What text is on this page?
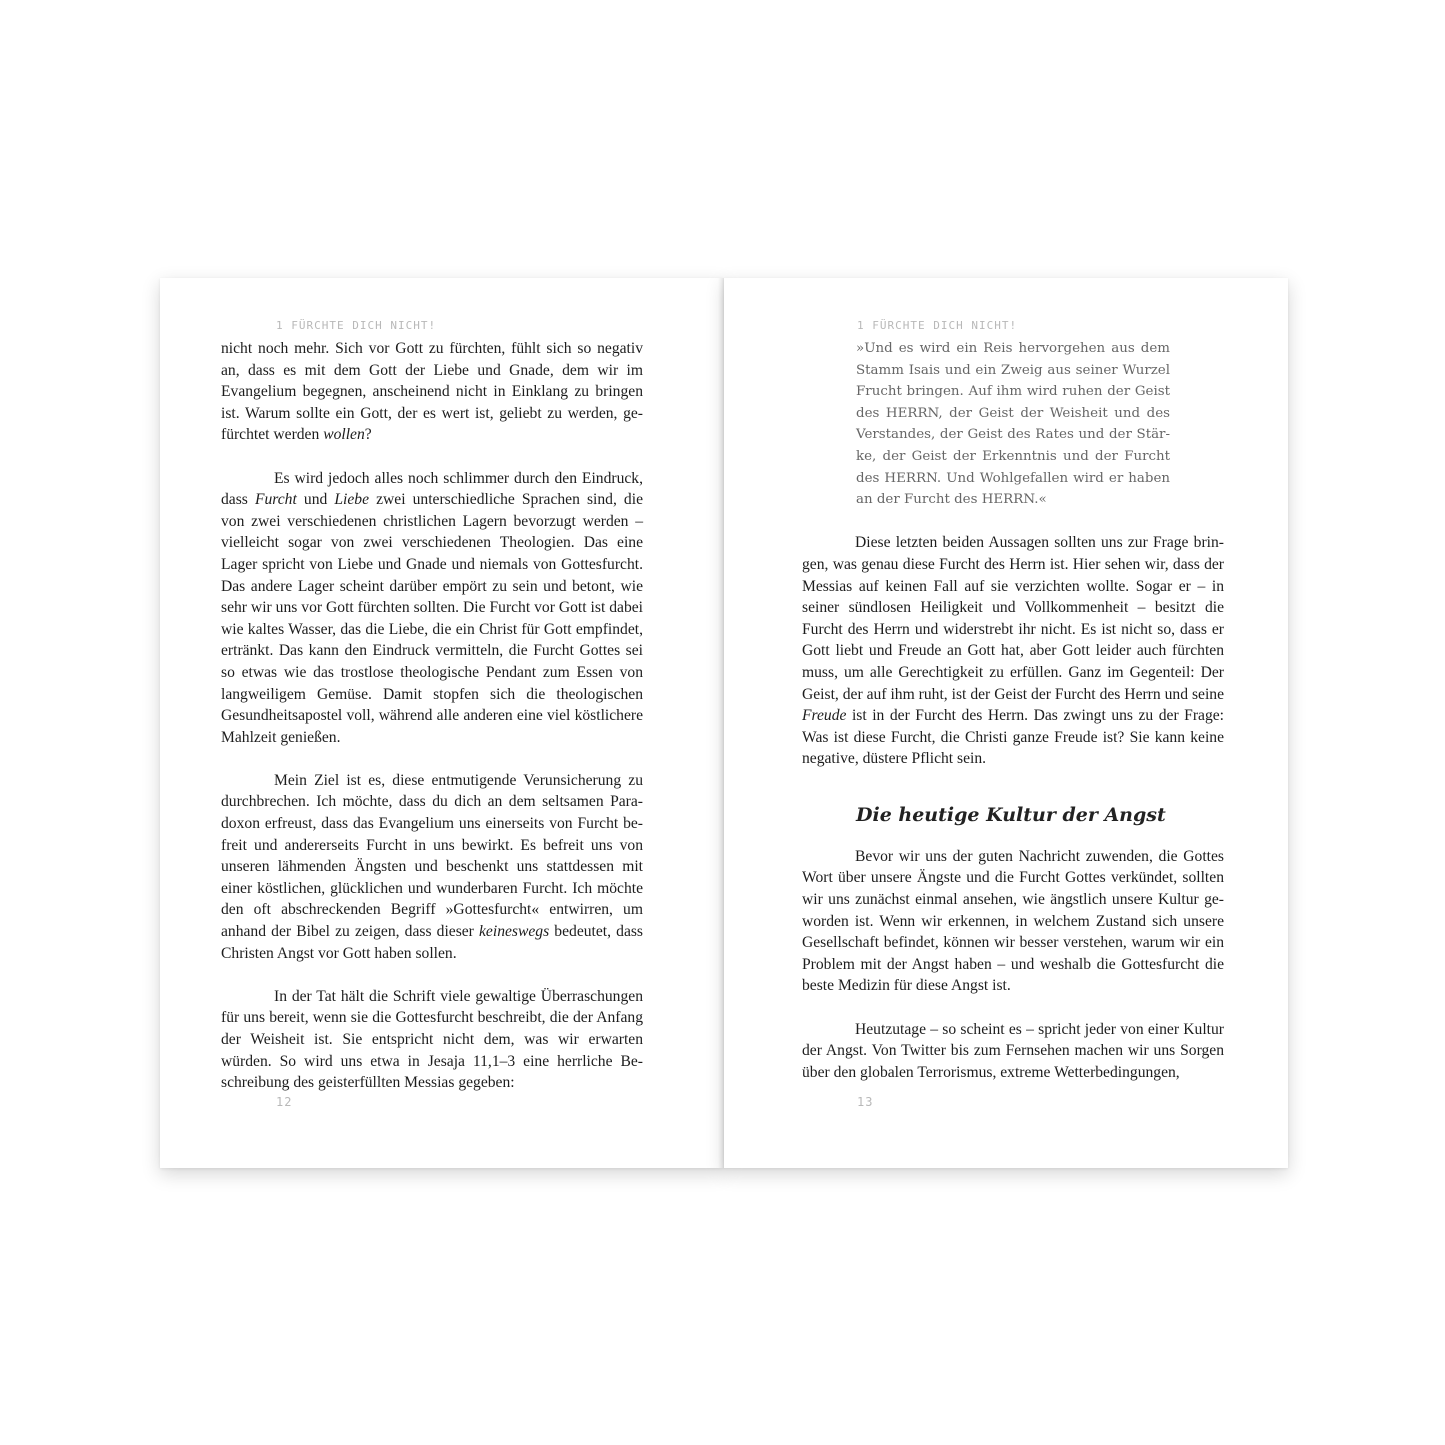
1 FÜRCHTE DICH NICHT!

nicht noch mehr. Sich vor Gott zu fürchten, fühlt sich so negativ an, dass es mit dem Gott der Liebe und Gnade, dem wir im Evangelium begegnen, anscheinend nicht in Einklang zu bringen ist. Warum sollte ein Gott, der es wert ist, geliebt zu werden, gefürchtet werden wollen?

Es wird jedoch alles noch schlimmer durch den Eindruck, dass Furcht und Liebe zwei unterschiedliche Sprachen sind, die von zwei verschiedenen christlichen Lagern bevorzugt werden – vielleicht sogar von zwei verschiedenen Theologien. Das eine Lager spricht von Liebe und Gnade und niemals von Gottesfurcht. Das andere Lager scheint darüber empört zu sein und betont, wie sehr wir uns vor Gott fürchten sollten. Die Furcht vor Gott ist dabei wie kaltes Wasser, das die Liebe, die ein Christ für Gott empfindet, ertränkt. Das kann den Eindruck vermitteln, die Furcht Gottes sei so etwas wie das trostlose theologische Pendant zum Essen von langweiligem Gemüse. Damit stopfen sich die theologischen Gesundheitsapostel voll, während alle anderen eine viel köstlichere Mahlzeit genießen.

Mein Ziel ist es, diese entmutigende Verunsicherung zu durchbrechen. Ich möchte, dass du dich an dem seltsamen Paradoxon erfreust, dass das Evangelium uns einerseits von Furcht befreit und andererseits Furcht in uns bewirkt. Es befreit uns von unseren lähmenden Ängsten und beschenkt uns stattdessen mit einer köstlichen, glücklichen und wunderbaren Furcht. Ich möchte den oft abschreckenden Begriff »Gottesfurcht« entwirren, um anhand der Bibel zu zeigen, dass dieser keineswegs bedeutet, dass Christen Angst vor Gott haben sollen.

In der Tat hält die Schrift viele gewaltige Überraschungen für uns bereit, wenn sie die Gottesfurcht beschreibt, die der Anfang der Weisheit ist. Sie entspricht nicht dem, was wir erwarten würden. So wird uns etwa in Jesaja 11,1–3 eine herrliche Beschreibung des geisterfüllten Messias gegeben:

12
1 FÜRCHTE DICH NICHT!

»Und es wird ein Reis hervorgehen aus dem Stamm Isais und ein Zweig aus seiner Wurzel Frucht bringen. Auf ihm wird ruhen der Geist des HERRN, der Geist der Weisheit und des Verstandes, der Geist des Rates und der Stärke, der Geist der Erkenntnis und der Furcht des HERRN. Und Wohlgefallen wird er haben an der Furcht des HERRN.«

Diese letzten beiden Aussagen sollten uns zur Frage bringen, was genau diese Furcht des Herrn ist. Hier sehen wir, dass der Messias auf keinen Fall auf sie verzichten wollte. Sogar er – in seiner sündlosen Heiligkeit und Vollkommenheit – besitzt die Furcht des Herrn und widerstrebt ihr nicht. Es ist nicht so, dass er Gott liebt und Freude an Gott hat, aber Gott leider auch fürchten muss, um alle Gerechtigkeit zu erfüllen. Ganz im Gegenteil: Der Geist, der auf ihm ruht, ist der Geist der Furcht des Herrn und seine Freude ist in der Furcht des Herrn. Das zwingt uns zu der Frage: Was ist diese Furcht, die Christi ganze Freude ist? Sie kann keine negative, düstere Pflicht sein.

Die heutige Kultur der Angst

Bevor wir uns der guten Nachricht zuwenden, die Gottes Wort über unsere Ängste und die Furcht Gottes verkündet, sollten wir uns zunächst einmal ansehen, wie ängstlich unsere Kultur geworden ist. Wenn wir erkennen, in welchem Zustand sich unsere Gesellschaft befindet, können wir besser verstehen, warum wir ein Problem mit der Angst haben – und weshalb die Gottesfurcht die beste Medizin für diese Angst ist.

Heutzutage – so scheint es – spricht jeder von einer Kultur der Angst. Von Twitter bis zum Fernsehen machen wir uns Sorgen über den globalen Terrorismus, extreme Wetterbedingungen,

13
